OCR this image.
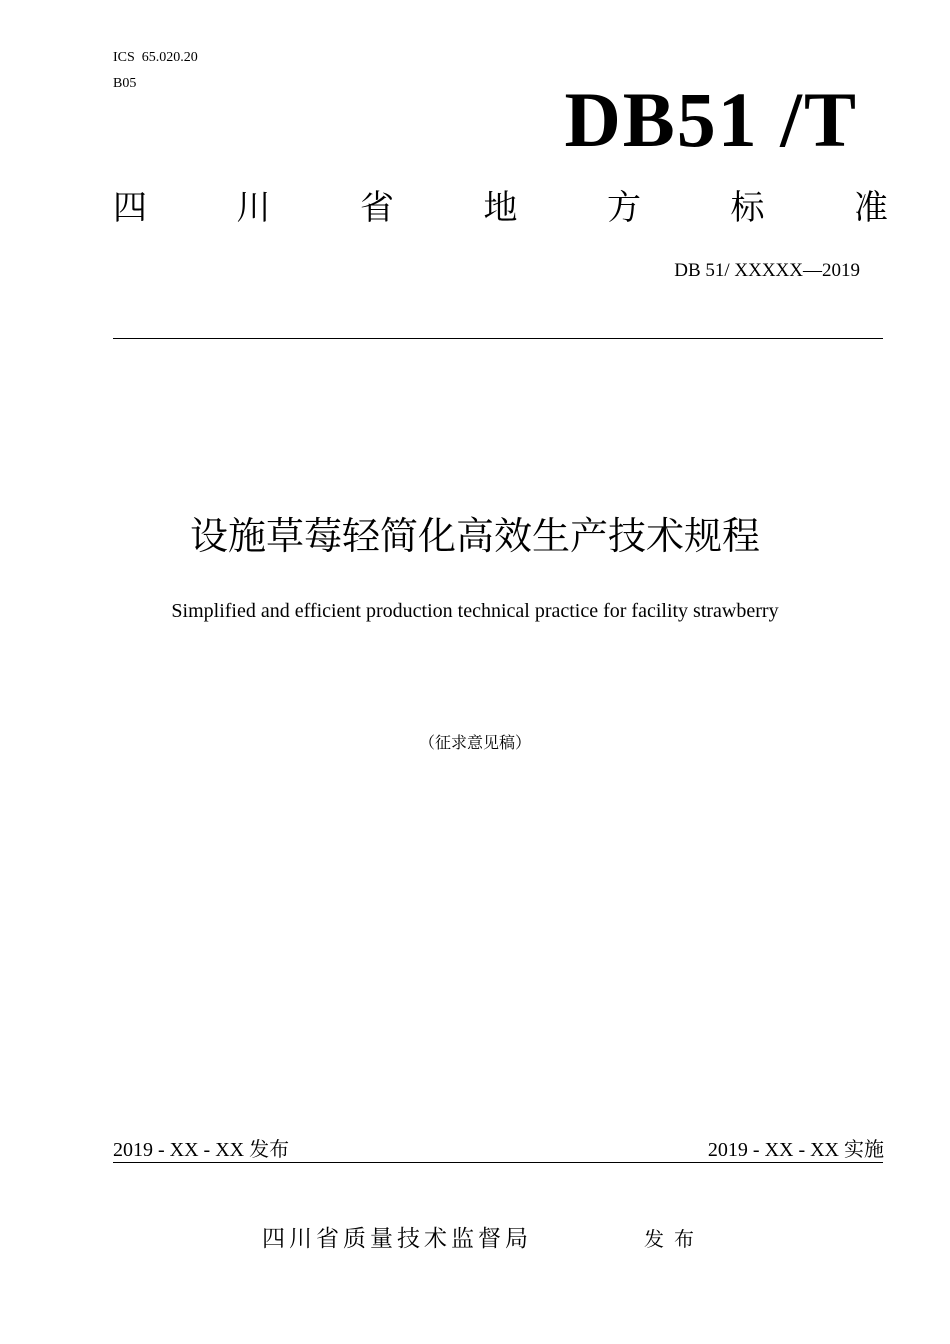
ICS  65.020.20
B05	DB51 /T
四	川	省	地	方	标	准
DB 51/ XXXXX—2019
设施草莓轻简化高效生产技术规程
Simplified and efficient production technical practice for facility strawberry
（征求意见稿）
2019 - XX - XX 发布	2019 - XX - XX 实施
四川省质量技术监督局	发布
